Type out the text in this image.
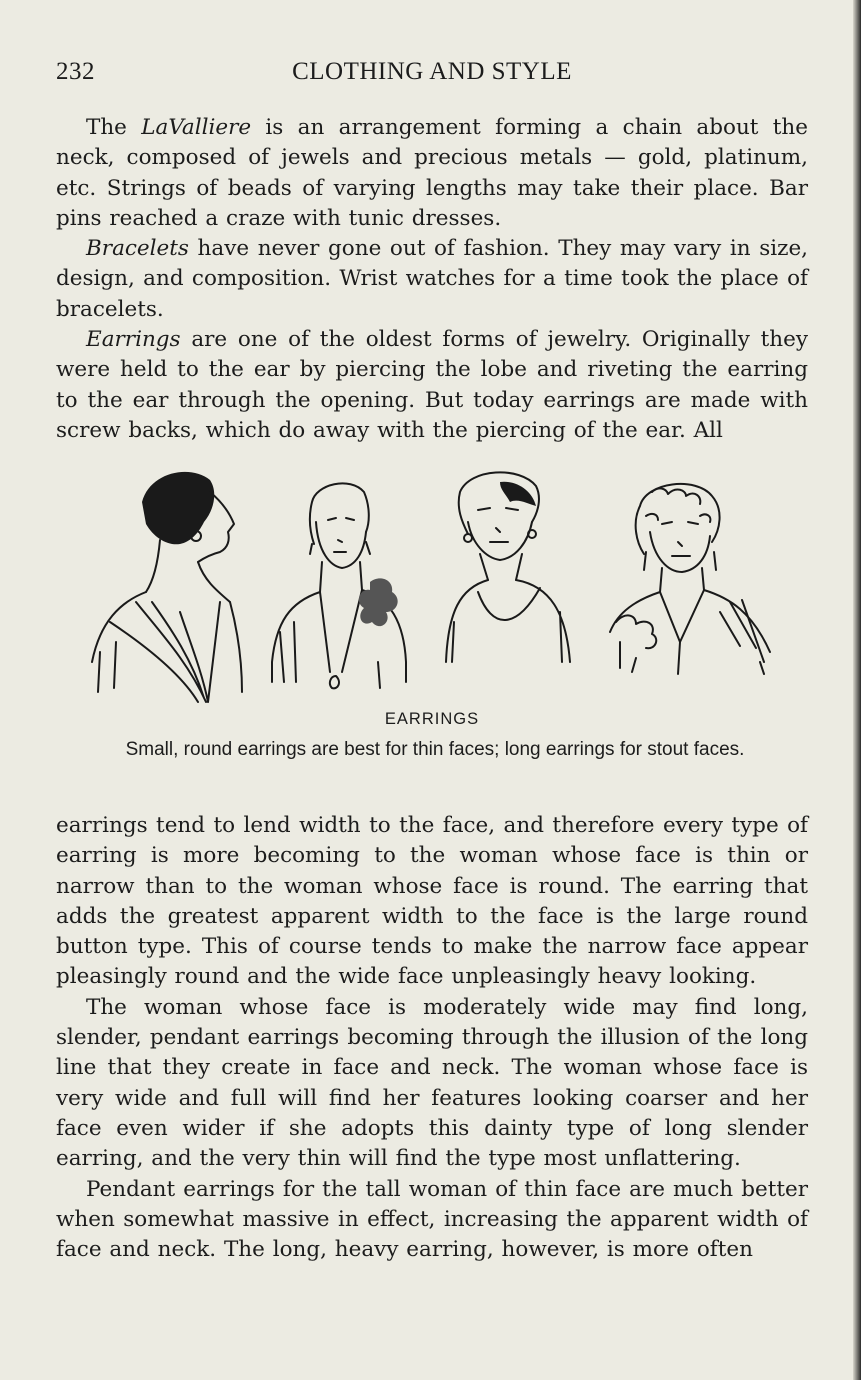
232	CLOTHING AND STYLE

The LaValliere is an arrangement forming a chain about the neck, composed of jewels and precious metals — gold, platinum, etc. Strings of beads of varying lengths may take their place. Bar pins reached a craze with tunic dresses.

Bracelets have never gone out of fashion. They may vary in size, design, and composition. Wrist watches for a time took the place of bracelets.

Earrings are one of the oldest forms of jewelry. Originally they were held to the ear by piercing the lobe and riveting the earring to the ear through the opening. But today earrings are made with screw backs, which do away with the piercing of the ear. All

EARRINGS
Small, round earrings are best for thin faces; long earrings for stout faces.

earrings tend to lend width to the face, and therefore every type of earring is more becoming to the woman whose face is thin or narrow than to the woman whose face is round. The earring that adds the greatest apparent width to the face is the large round button type. This of course tends to make the narrow face appear pleasingly round and the wide face unpleasingly heavy looking.

The woman whose face is moderately wide may find long, slender, pendant earrings becoming through the illusion of the long line that they create in face and neck. The woman whose face is very wide and full will find her features looking coarser and her face even wider if she adopts this dainty type of long slender earring, and the very thin will find the type most unflattering.

Pendant earrings for the tall woman of thin face are much better when somewhat massive in effect, increasing the apparent width of face and neck. The long, heavy earring, however, is more often
